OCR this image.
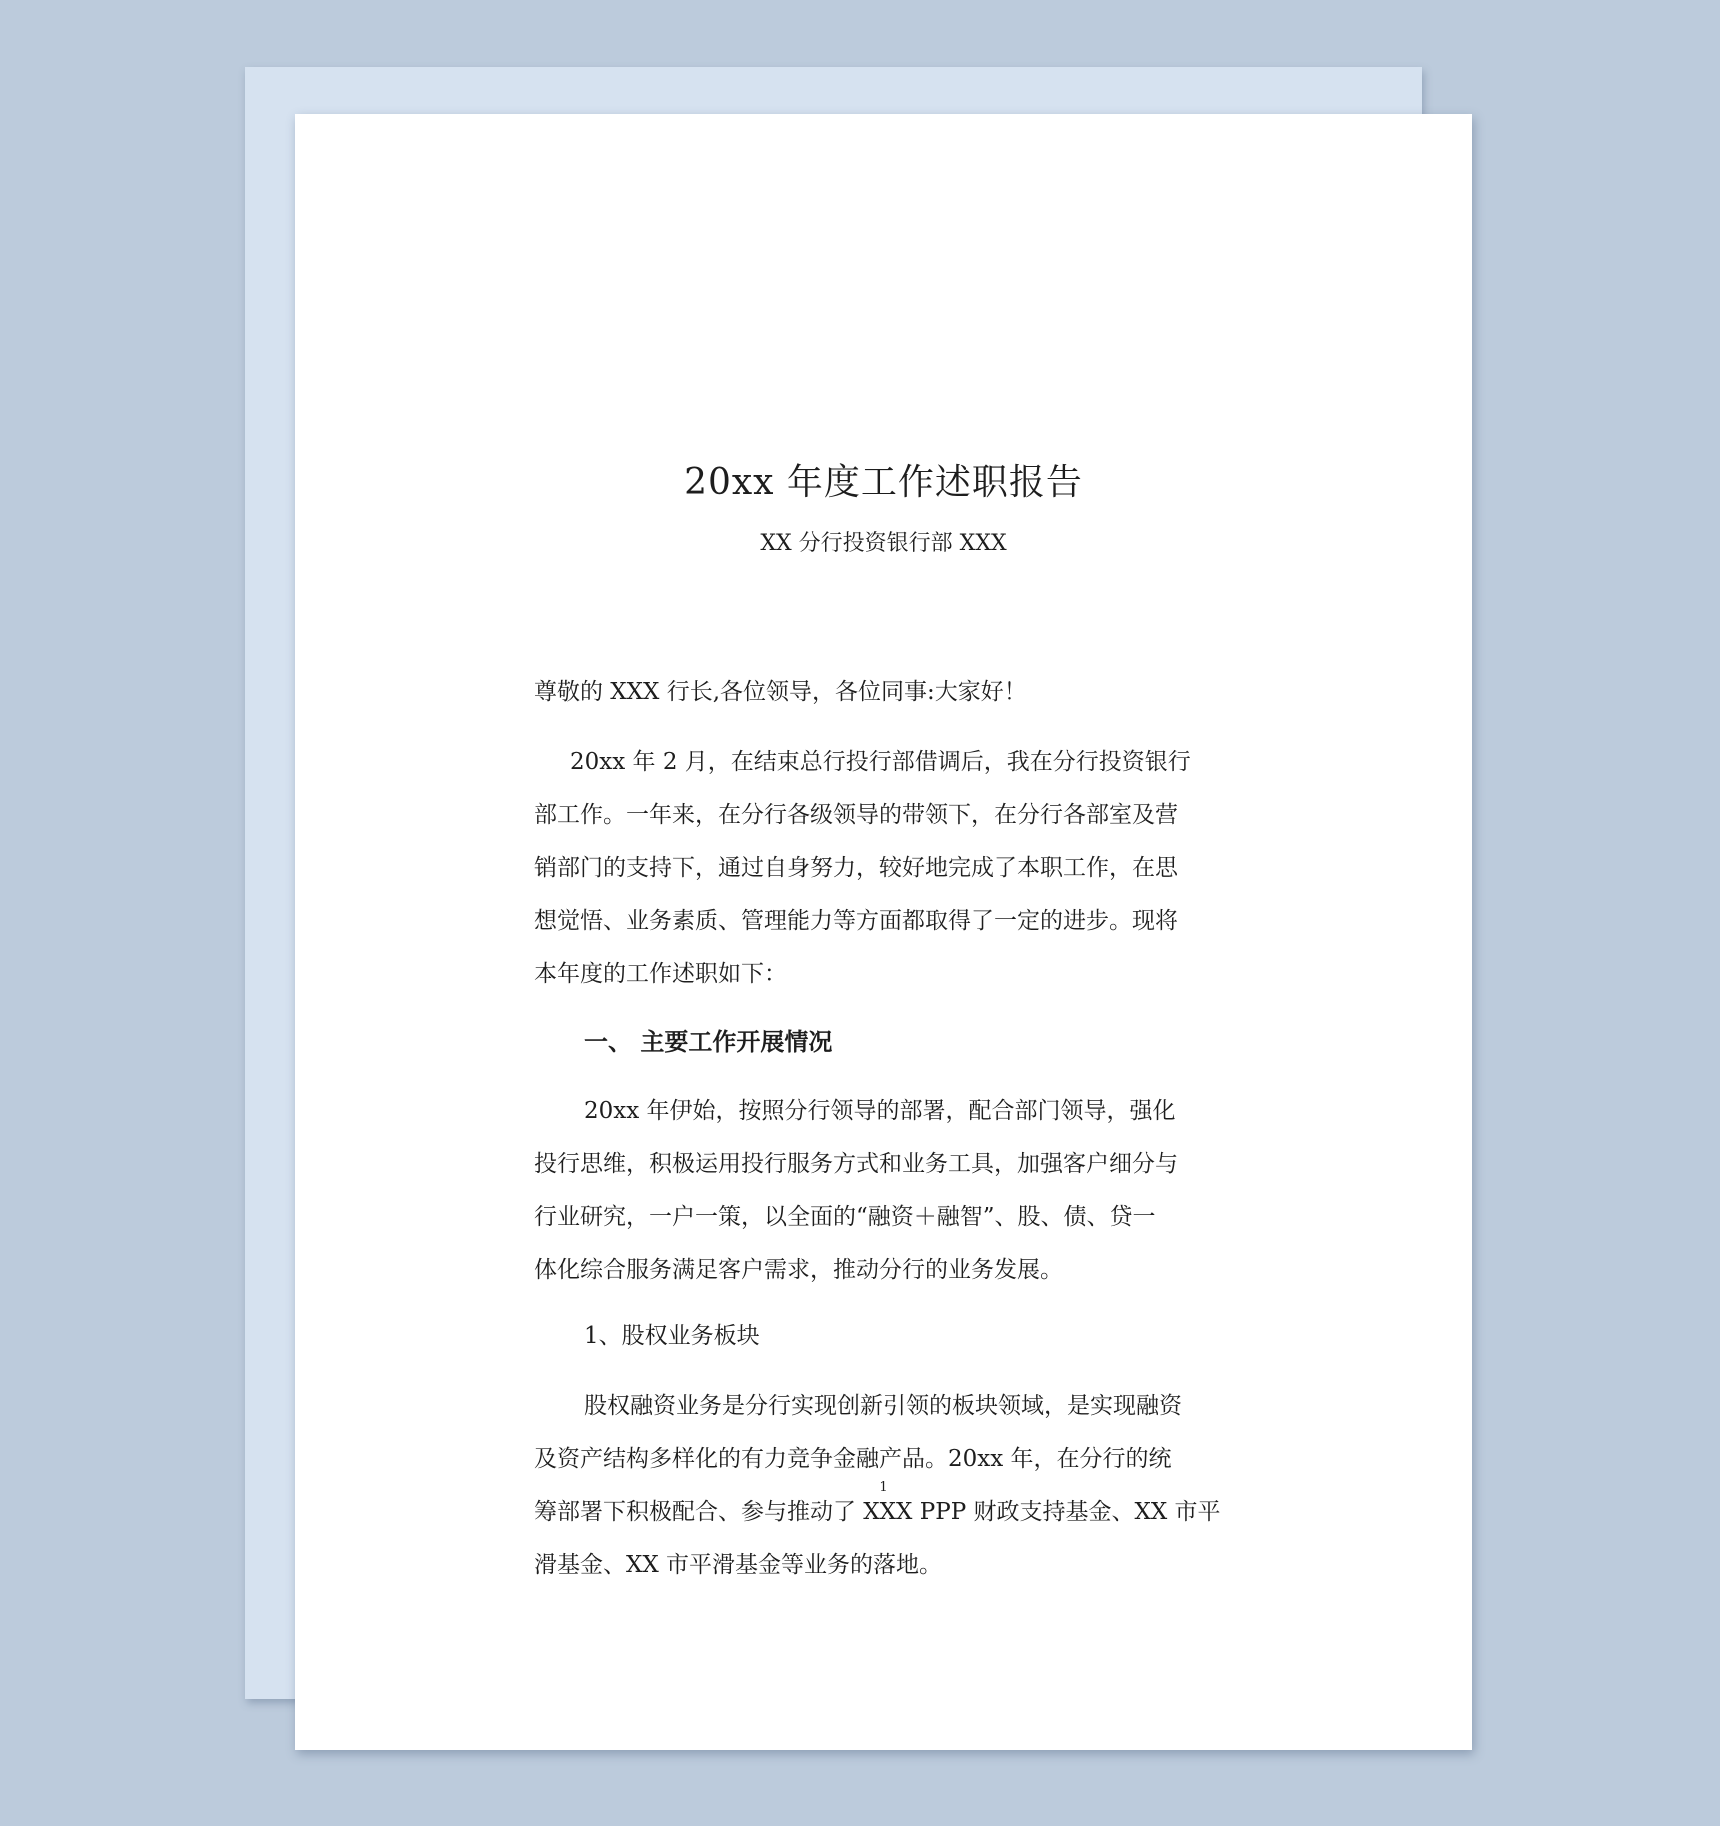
20xx 年度工作述职报告
XX 分行投资银行部 XXX
尊敬的 XXX 行长,各位领导，各位同事:大家好！
20xx 年 2 月，在结束总行投行部借调后，我在分行投资银行
部工作。一年来，在分行各级领导的带领下，在分行各部室及营
销部门的支持下，通过自身努力，较好地完成了本职工作，在思
想觉悟、业务素质、管理能力等方面都取得了一定的进步。现将
本年度的工作述职如下：
一、 主要工作开展情况
20xx 年伊始，按照分行领导的部署，配合部门领导，强化
投行思维，积极运用投行服务方式和业务工具，加强客户细分与
行业研究，一户一策，以全面的“融资＋融智”、股、债、贷一
体化综合服务满足客户需求，推动分行的业务发展。
1、股权业务板块
股权融资业务是分行实现创新引领的板块领域，是实现融资
及资产结构多样化的有力竞争金融产品。20xx 年，在分行的统
筹部署下积极配合、参与推动了 XXX PPP 财政支持基金、XX 市平
滑基金、XX 市平滑基金等业务的落地。
1
